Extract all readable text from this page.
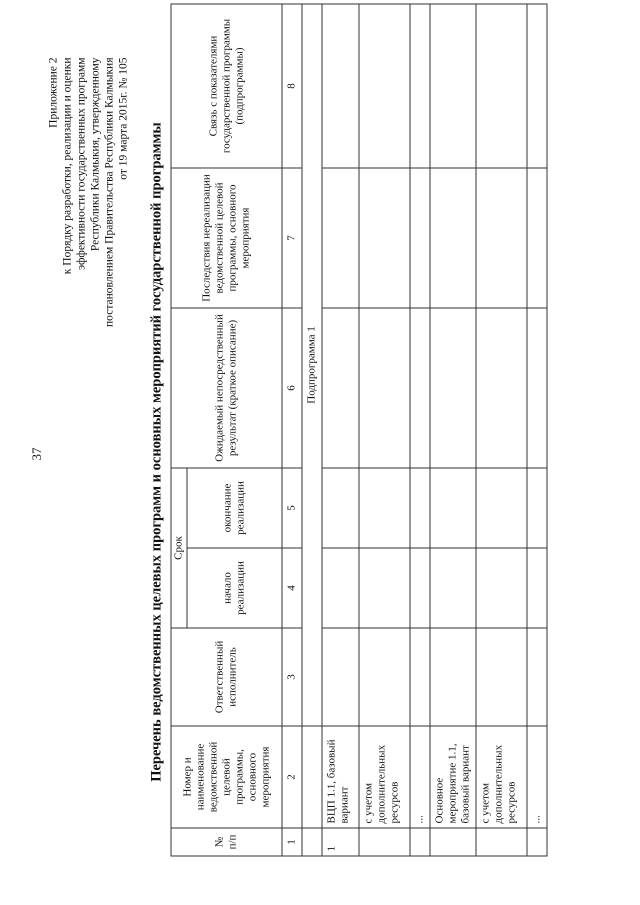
37
Приложение 2 к Порядку разработки, реализации и оценки эффективности государственных программ Республики Калмыкия, утвержденному постановлением Правительства Республики Калмыкия от 19 марта 2015г. № 105
Перечень ведомственных целевых программ и основных мероприятий государственной программы
№ п/п	Номер и наименование ведомственной целевой программы, основного мероприятия	Ответственный исполнитель	Срок		Ожидаемый непосредственный результат (краткое описание)	Последствия нереализации ведомственной целевой программы, основного мероприятия	Связь с показателями государственной программы (подпрограммы)
			начало реализации	окончание реализации			
1	2	3	4	5	6	7	8
		Подпрограмма 1					
1	ВЦП 1.1, базовый вариант						
	с учетом дополнительных ресурсов						
	...						
	Основное мероприятие 1.1, базовый вариант						
	с учетом дополнительных ресурсов						
	...						
